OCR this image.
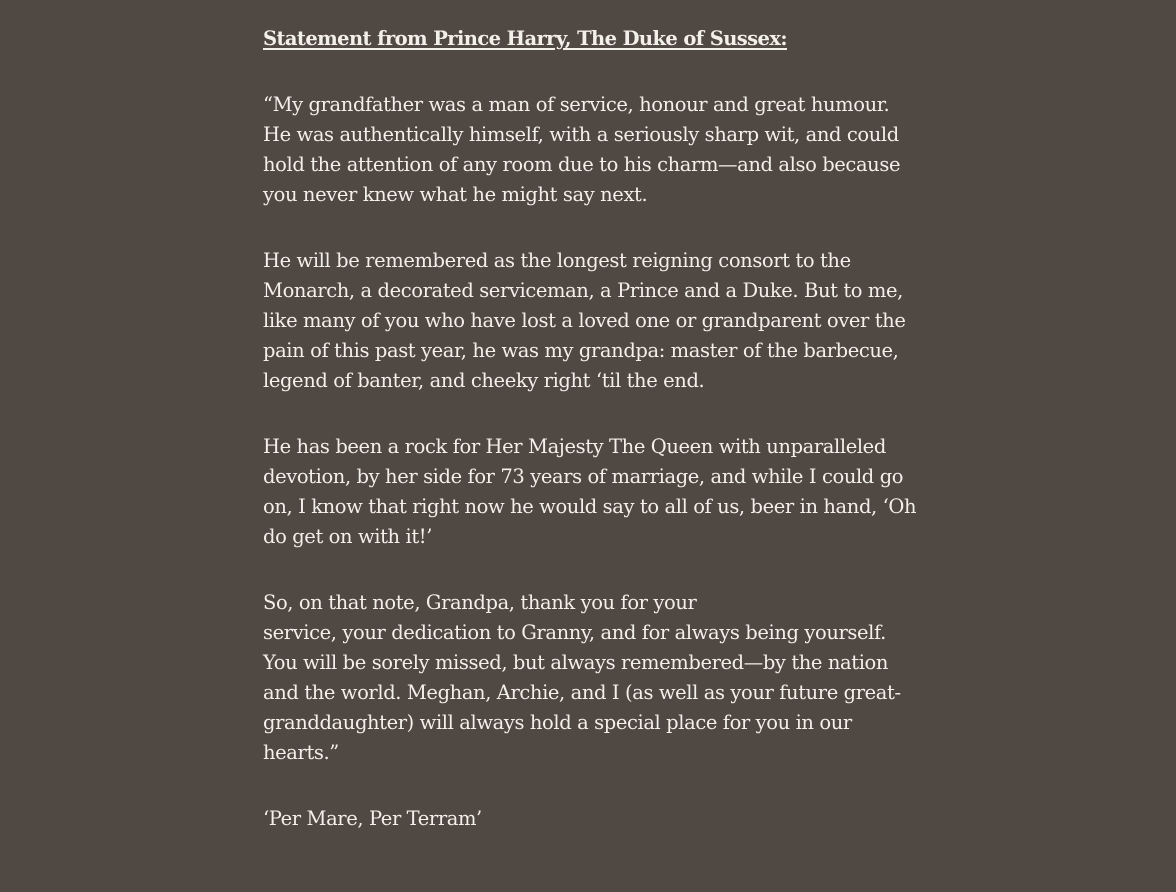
Statement from Prince Harry, The Duke of Sussex:

“My grandfather was a man of service, honour and great humour.
He was authentically himself, with a seriously sharp wit, and could
hold the attention of any room due to his charm—and also because
you never knew what he might say next.

He will be remembered as the longest reigning consort to the
Monarch, a decorated serviceman, a Prince and a Duke. But to me,
like many of you who have lost a loved one or grandparent over the
pain of this past year, he was my grandpa: master of the barbecue,
legend of banter, and cheeky right ‘til the end.

He has been a rock for Her Majesty The Queen with unparalleled
devotion, by her side for 73 years of marriage, and while I could go
on, I know that right now he would say to all of us, beer in hand, ‘Oh
do get on with it!’

So, on that note, Grandpa, thank you for your
service, your dedication to Granny, and for always being yourself.
You will be sorely missed, but always remembered—by the nation
and the world. Meghan, Archie, and I (as well as your future great-
granddaughter) will always hold a special place for you in our
hearts.”

‘Per Mare, Per Terram’
